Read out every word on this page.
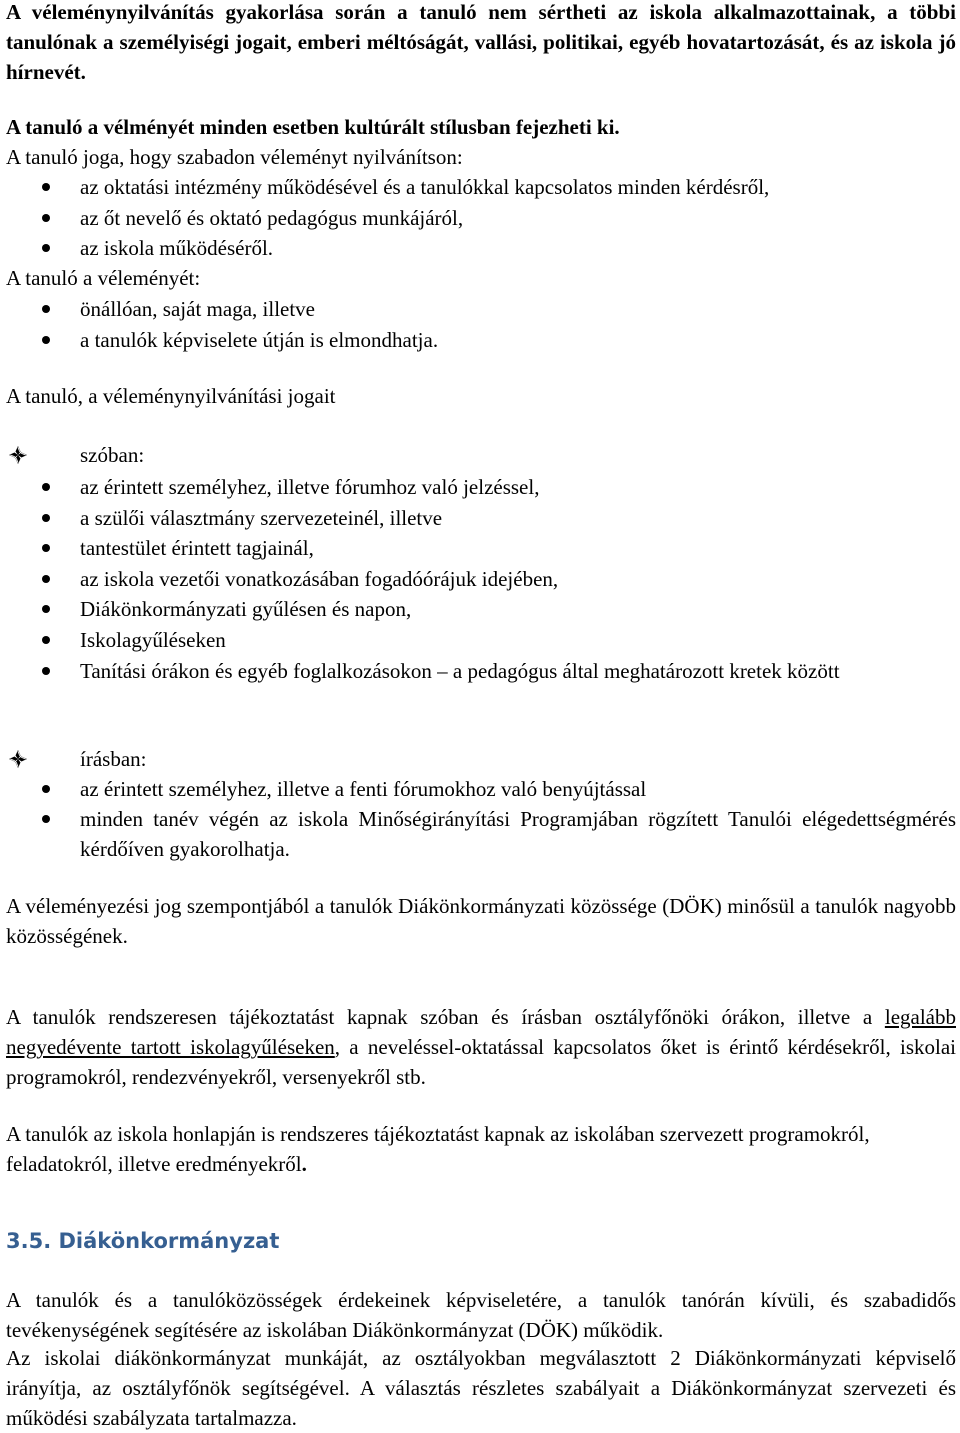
A véleménynyilvánítás gyakorlása során a tanuló nem sértheti az iskola alkalmazottainak, a többi tanulónak a személyiségi jogait, emberi méltóságát, vallási, politikai, egyéb hovatartozását, és az iskola jó hírnevét.

A tanuló a vélményét minden esetben kultúrált stílusban fejezheti ki.

A tanuló joga, hogy szabadon véleményt nyilvánítson:

az oktatási intézmény működésével és a tanulókkal kapcsolatos minden kérdésről,

az őt nevelő és oktató pedagógus munkájáról,

az iskola működéséről.

A tanuló a véleményét:

önállóan, saját maga, illetve

a tanulók képviselete útján is elmondhatja.

A tanuló, a véleménynyilvánítási jogait

szóban:

az érintett személyhez, illetve fórumhoz való jelzéssel,

a szülői választmány szervezeteinél, illetve

tantestület érintett tagjainál,

az iskola vezetői vonatkozásában fogadóórájuk idejében,

Diákönkormányzati gyűlésen és napon,

Iskolagyűléseken

Tanítási órákon és egyéb foglalkozásokon – a pedagógus által meghatározott kretek között

írásban:

az érintett személyhez, illetve a fenti fórumokhoz való benyújtással

minden tanév végén az iskola Minőségirányítási Programjában rögzített Tanulói elégedettségmérés kérdőíven gyakorolhatja.

A véleményezési jog szempontjából a tanulók Diákönkormányzati közössége (DÖK) minősül a tanulók nagyobb közösségének.

A tanulók rendszeresen tájékoztatást kapnak szóban és írásban osztályfőnöki órákon, illetve a legalább negyedévente tartott iskolagyűléseken, a neveléssel-oktatással kapcsolatos őket is érintő kérdésekről, iskolai programokról, rendezvényekről, versenyekről stb.

A tanulók az iskola honlapján is rendszeres tájékoztatást kapnak az iskolában szervezett programokról, feladatokról, illetve eredményekről.

3.5. Diákönkormányzat

A tanulók és a tanulóközösségek érdekeinek képviseletére, a tanulók tanórán kívüli, és szabadidős tevékenységének segítésére az iskolában Diákönkormányzat (DÖK) működik.

Az iskolai diákönkormányzat munkáját, az osztályokban megválasztott 2 Diákönkormányzati képviselő irányítja, az osztályfőnök segítségével. A választás részletes szabályait a Diákönkormányzat szervezeti és működési szabályzata tartalmazza.
